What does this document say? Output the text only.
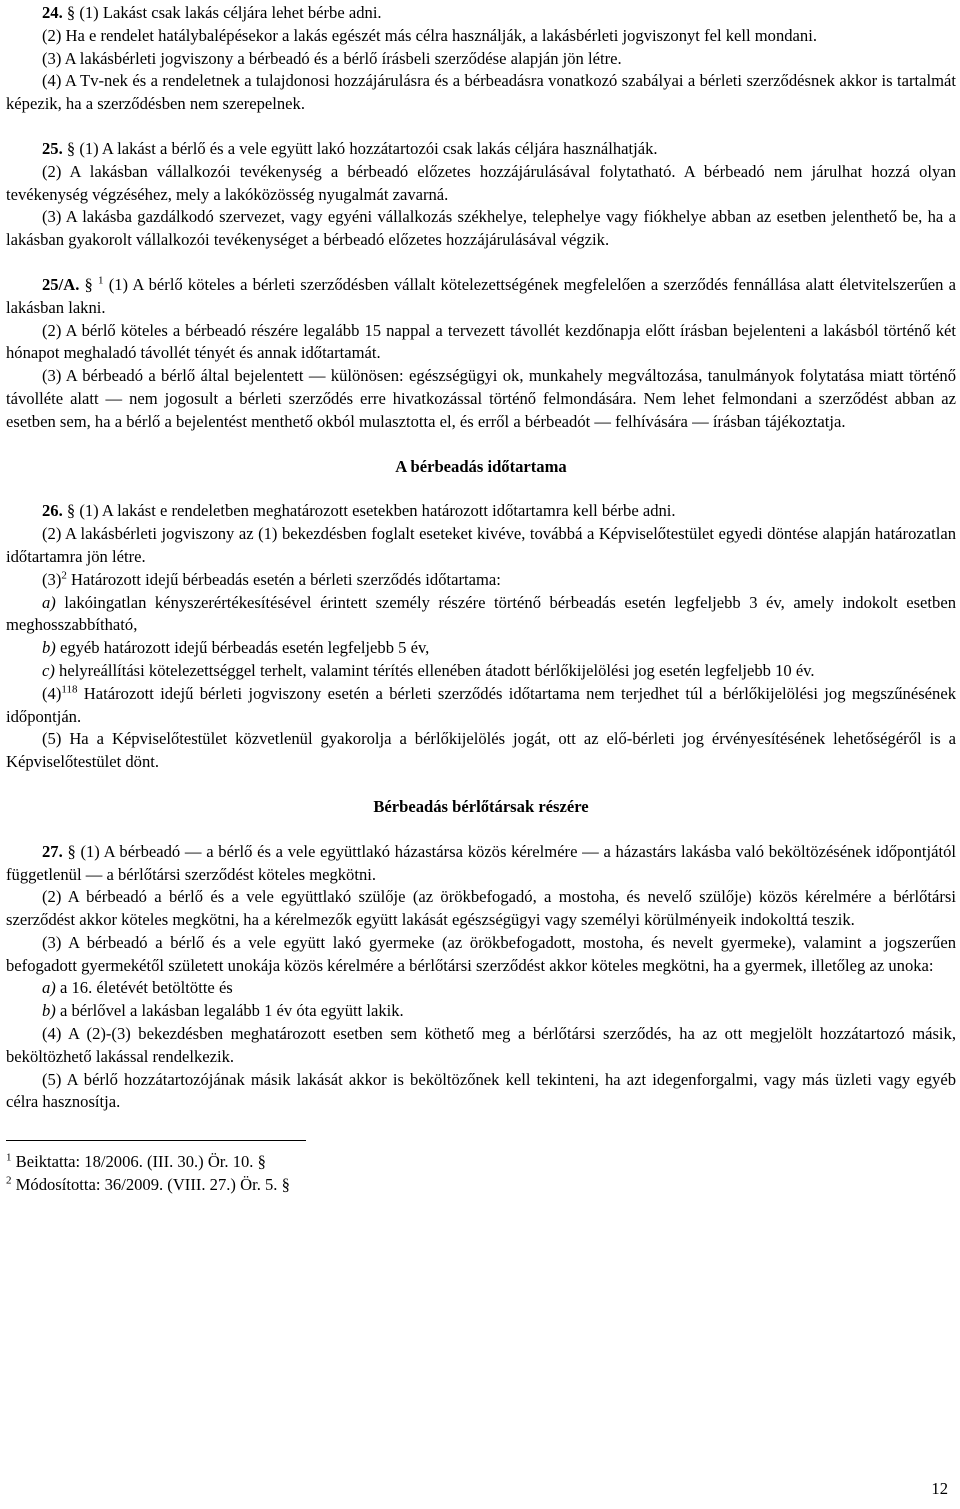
24. § (1) Lakást csak lakás céljára lehet bérbe adni.

(2) Ha e rendelet hatálybalépésekor a lakás egészét más célra használják, a lakásbérleti jogviszonyt fel kell mondani.

(3) A lakásbérleti jogviszony a bérbeadó és a bérlő írásbeli szerződése alapján jön létre.

(4) A Tv-nek és a rendeletnek a tulajdonosi hozzájárulásra és a bérbeadásra vonatkozó szabályai a bérleti szerződésnek akkor is tartalmát képezik, ha a szerződésben nem szerepelnek.

25. § (1) A lakást a bérlő és a vele együtt lakó hozzátartozói csak lakás céljára használhatják.

(2) A lakásban vállalkozói tevékenység a bérbeadó előzetes hozzájárulásával folytatható. A bérbeadó nem járulhat hozzá olyan tevékenység végzéséhez, mely a lakóközösség nyugalmát zavarná.

(3) A lakásba gazdálkodó szervezet, vagy egyéni vállalkozás székhelye, telephelye vagy fiókhelye abban az esetben jelenthető be, ha a lakásban gyakorolt vállalkozói tevékenységet a bérbeadó előzetes hozzájárulásával végzik.

25/A. § $^1$ (1) A bérlő köteles a bérleti szerződésben vállalt kötelezettségének megfelelően a szerződés fennállása alatt életvitelszerűen a lakásban lakni.

(2) A bérlő köteles a bérbeadó részére legalább 15 nappal a tervezett távollét kezdőnapja előtt írásban bejelenteni a lakásból történő két hónapot meghaladó távollét tényét és annak időtartamát.

(3) A bérbeadó a bérlő által bejelentett — különösen: egészségügyi ok, munkahely megváltozása, tanulmányok folytatása miatt történő távolléte alatt — nem jogosult a bérleti szerződés erre hivatkozással történő felmondására. Nem lehet felmondani a szerződést abban az esetben sem, ha a bérlő a bejelentést menthető okból mulasztotta el, és erről a bérbeadót — felhívására — írásban tájékoztatja.

A bérbeadás időtartama

26. § (1) A lakást e rendeletben meghatározott esetekben határozott időtartamra kell bérbe adni.

(2) A lakásbérleti jogviszony az (1) bekezdésben foglalt eseteket kivéve, továbbá a Képviselőtestület egyedi döntése alapján határozatlan időtartamra jön létre.

$(3)^2$ Határozott idejű bérbeadás esetén a bérleti szerződés időtartama:

a) lakóingatlan kényszerértékesítésével érintett személy részére történő bérbeadás esetén legfeljebb 3 év, amely indokolt esetben meghosszabbítható,

b) egyéb határozott idejű bérbeadás esetén legfeljebb 5 év,

c) helyreállítási kötelezettséggel terhelt, valamint térítés ellenében átadott bérlőkijelölési jog esetén legfeljebb 10 év.

$(4)^{118}$ Határozott idejű bérleti jogviszony esetén a bérleti szerződés időtartama nem terjedhet túl a bérlőkijelölési jog megszűnésének időpontján.

(5) Ha a Képviselőtestület közvetlenül gyakorolja a bérlőkijelölés jogát, ott az elő-bérleti jog érvényesítésének lehetőségéről is a Képviselőtestület dönt.

Bérbeadás bérlőtársak részére

27. § (1) A bérbeadó — a bérlő és a vele együttlakó házastársa közös kérelmére — a házastárs lakásba való beköltözésének időpontjától függetlenül — a bérlőtársi szerződést köteles megkötni.

(2) A bérbeadó a bérlő és a vele együttlakó szülője (az örökbefogadó, a mostoha, és nevelő szülője) közös kérelmére a bérlőtársi szerződést akkor köteles megkötni, ha a kérelmezők együtt lakását egészségügyi vagy személyi körülményeik indokolttá teszik.

(3) A bérbeadó a bérlő és a vele együtt lakó gyermeke (az örökbefogadott, mostoha, és nevelt gyermeke), valamint a jogszerűen befogadott gyermekétől született unokája közös kérelmére a bérlőtársi szerződést akkor köteles megkötni, ha a gyermek, illetőleg az unoka:

a) a 16. életévét betöltötte és

b) a bérlővel a lakásban legalább 1 év óta együtt lakik.

(4) A (2)-(3) bekezdésben meghatározott esetben sem köthető meg a bérlőtársi szerződés, ha az ott megjelölt hozzátartozó másik, beköltözhető lakással rendelkezik.

(5) A bérlő hozzátartozójának másik lakását akkor is beköltözőnek kell tekinteni, ha azt idegenforgalmi, vagy más üzleti vagy egyéb célra hasznosítja.

$^1$ Beiktatta: 18/2006. (III. 30.) Ör. 10. §

$^2$ Módosította: 36/2009. (VIII. 27.) Ör. 5. §

12
